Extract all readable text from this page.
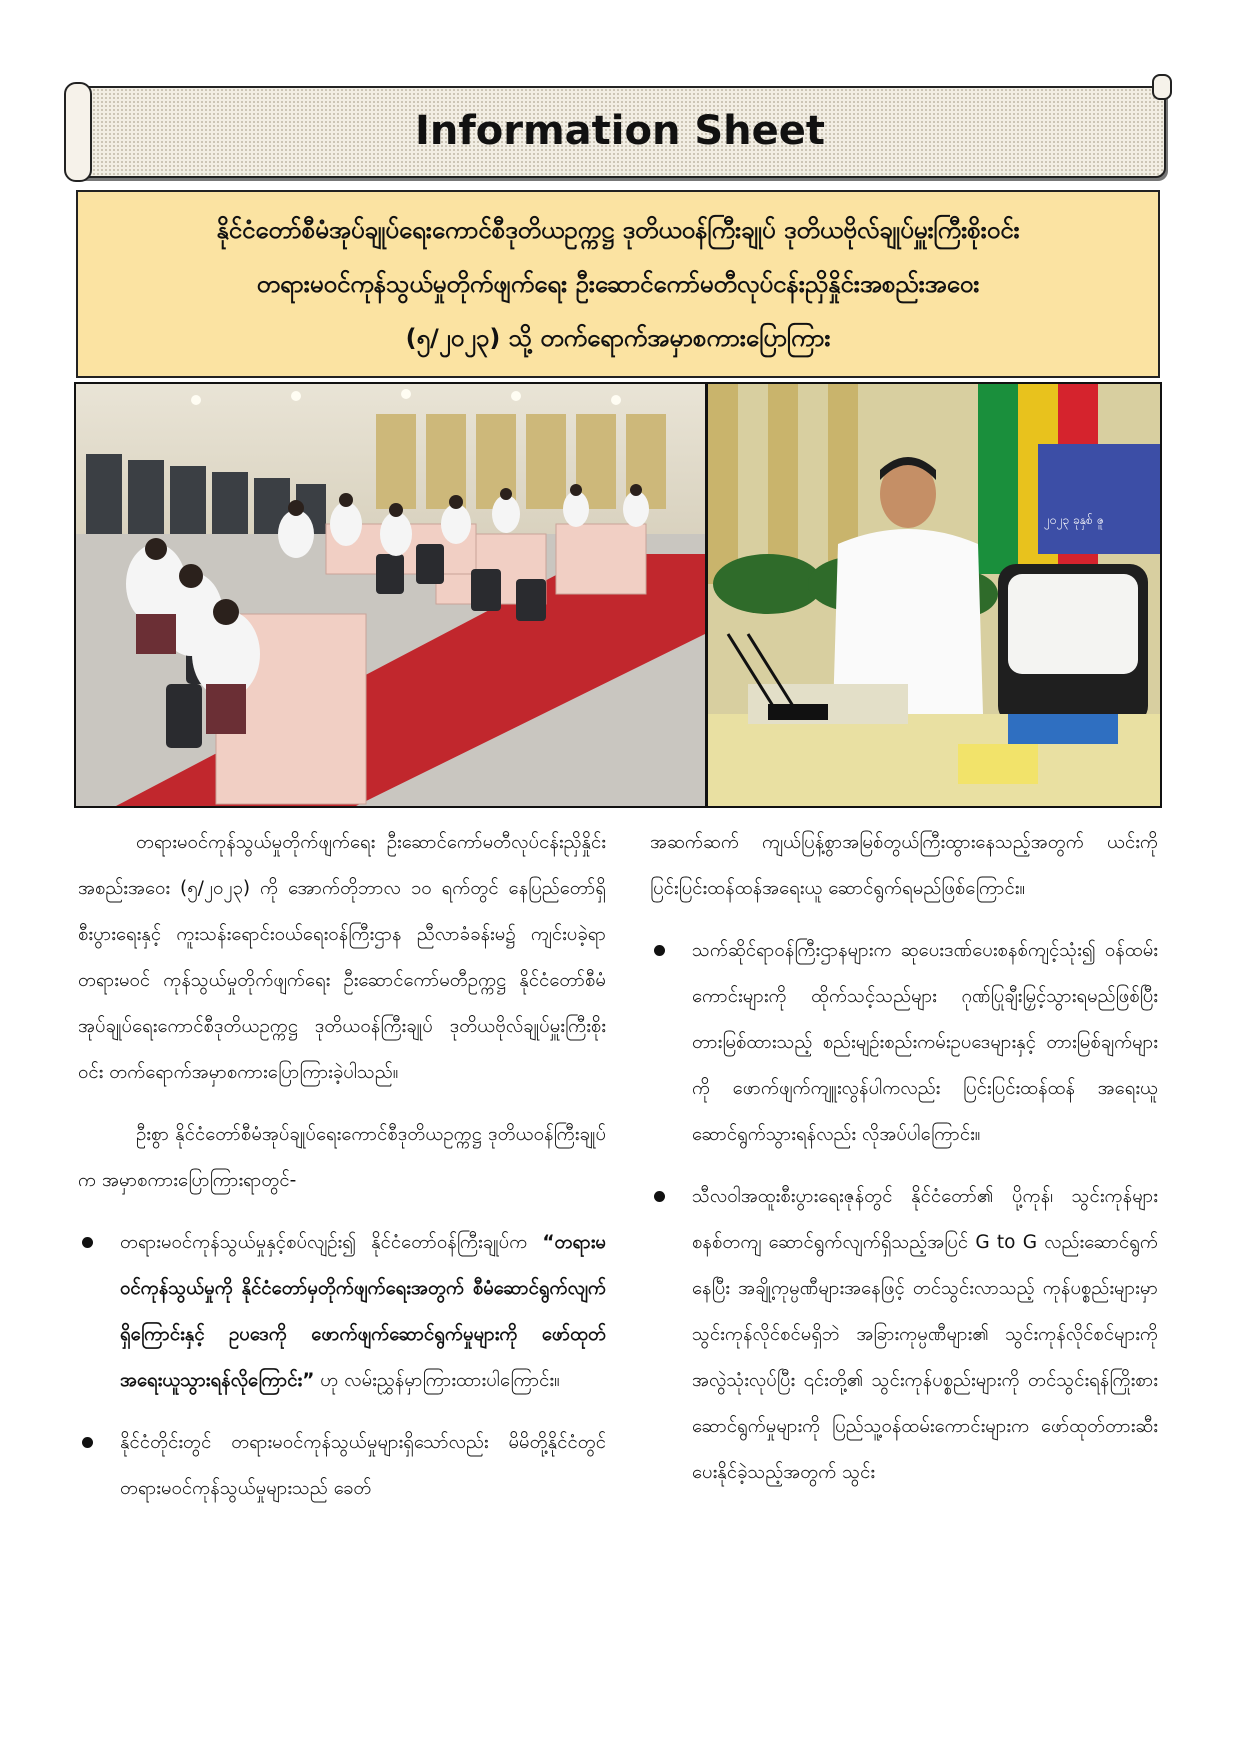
Information Sheet
နိုင်ငံတော်စီမံအုပ်ချုပ်ရေးကောင်စီဒုတိယဥက္ကဋ္ဌ ဒုတိယဝန်ကြီးချုပ် ဒုတိယဗိုလ်ချုပ်မှူးကြီးစိုးဝင်း
တရားမဝင်ကုန်သွယ်မှုတိုက်ဖျက်ရေး ဦးဆောင်ကော်မတီလုပ်ငန်းညှိနှိုင်းအစည်းအဝေး
(၅/၂၀၂၃) သို့ တက်ရောက်အမှာစကားပြောကြား
၂၀၂၃ ခုနှစ် ဇူ

တရားမဝင်ကုန်သွယ်မှုတိုက်ဖျက်ရေး ဦးဆောင်ကော်မတီလုပ်ငန်းညှိနှိုင်းအစည်းအဝေး (၅/၂၀၂၃) ကို အောက်တိုဘာလ ၁၀ ရက်တွင် နေပြည်တော်ရှိ စီးပွားရေးနှင့် ကူးသန်းရောင်းဝယ်ရေးဝန်ကြီးဌာန ညီလာခံခန်းမ၌ ကျင်းပခဲ့ရာ တရားမဝင် ကုန်သွယ်မှုတိုက်ဖျက်ရေး ဦးဆောင်ကော်မတီဥက္ကဋ္ဌ နိုင်ငံတော်စီမံအုပ်ချုပ်ရေးကောင်စီဒုတိယဥက္ကဋ္ဌ ဒုတိယဝန်ကြီးချုပ် ဒုတိယဗိုလ်ချုပ်မှူးကြီးစိုးဝင်း တက်ရောက်အမှာစကားပြောကြားခဲ့ပါသည်။

ဦးစွာ နိုင်ငံတော်စီမံအုပ်ချုပ်ရေးကောင်စီဒုတိယဥက္ကဋ္ဌ ဒုတိယဝန်ကြီးချုပ်က အမှာစကားပြောကြားရာတွင်-

တရားမဝင်ကုန်သွယ်မှုနှင့်စပ်လျဉ်း၍ နိုင်ငံတော်ဝန်ကြီးချုပ်က “တရားမဝင်ကုန်သွယ်မှုကို နိုင်ငံတော်မှတိုက်ဖျက်ရေးအတွက် စီမံဆောင်ရွက်လျက်ရှိကြောင်းနှင့် ဥပဒေကို ဖောက်ဖျက်ဆောင်ရွက်မှုများကို ဖော်ထုတ်အရေးယူသွားရန်လိုကြောင်း” ဟု လမ်းညွှန်မှာကြားထားပါကြောင်း။
နိုင်ငံတိုင်းတွင် တရားမဝင်ကုန်သွယ်မှုများရှိသော်လည်း မိမိတို့နိုင်ငံတွင် တရားမဝင်ကုန်သွယ်မှုများသည် ခေတ်

အဆက်ဆက် ကျယ်ပြန့်စွာအမြစ်တွယ်ကြီးထွားနေသည့်အတွက် ယင်းကို ပြင်းပြင်းထန်ထန်အရေးယူ ဆောင်ရွက်ရမည်ဖြစ်ကြောင်း။

သက်ဆိုင်ရာဝန်ကြီးဌာနများက ဆုပေးဒဏ်ပေးစနစ်ကျင့်သုံး၍ ဝန်ထမ်းကောင်းများကို ထိုက်သင့်သည်များ ဂုဏ်ပြုချီးမြှင့်သွားရမည်ဖြစ်ပြီး တားမြစ်ထားသည့် စည်းမျဉ်းစည်းကမ်းဥပဒေများနှင့် တားမြစ်ချက်များကို ဖောက်ဖျက်ကျူးလွန်ပါကလည်း ပြင်းပြင်းထန်ထန် အရေးယူဆောင်ရွက်သွားရန်လည်း လိုအပ်ပါကြောင်း။
သီလဝါအထူးစီးပွားရေးဇုန်တွင် နိုင်ငံတော်၏ ပို့ကုန်၊ သွင်းကုန်များစနစ်တကျ ဆောင်ရွက်လျက်ရှိသည့်အပြင် G to G လည်းဆောင်ရွက်နေပြီး အချို့ကုမ္ပဏီများအနေဖြင့် တင်သွင်းလာသည့် ကုန်ပစ္စည်းများမှာ သွင်းကုန်လိုင်စင်မရှိဘဲ အခြားကုမ္ပဏီများ၏ သွင်းကုန်လိုင်စင်များကို အလွဲသုံးလုပ်ပြီး ၎င်းတို့၏ သွင်းကုန်ပစ္စည်းများကို တင်သွင်းရန်ကြိုးစားဆောင်ရွက်မှုများကို ပြည်သူ့ဝန်ထမ်းကောင်းများက ဖော်ထုတ်တားဆီးပေးနိုင်ခဲ့သည့်အတွက် သွင်း
